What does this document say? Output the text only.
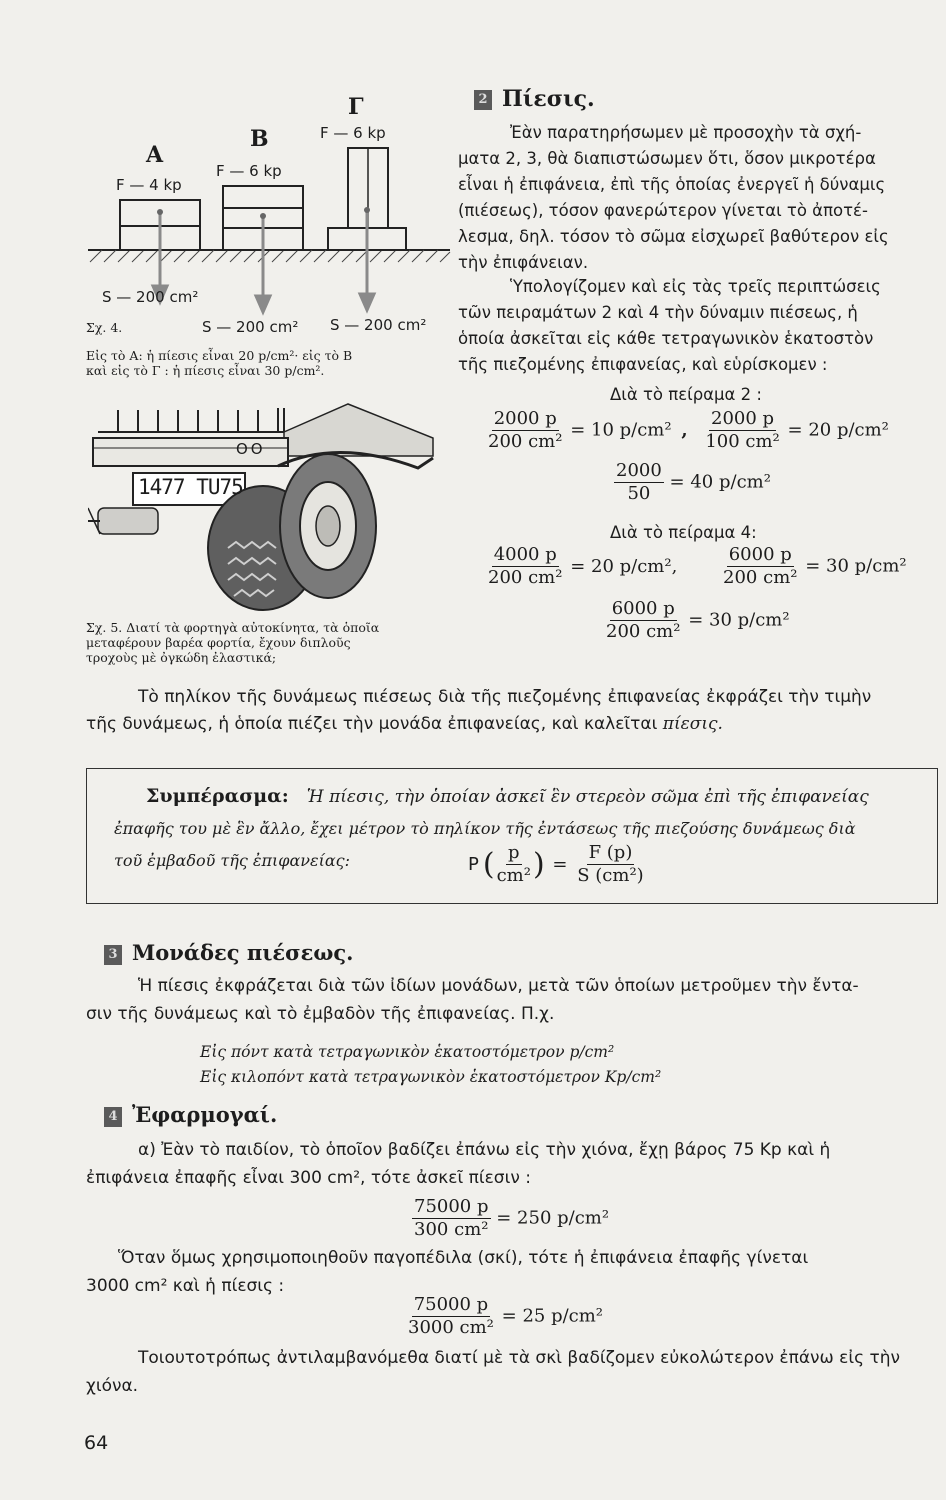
Γ
A
B
F — 4 kp
F — 6 kp
F — 6 kp
S — 200 cm²
S — 200 cm² S — 200 cm²
Σχ. 4.
Εἰς τὸ Α: ἡ πίεσις εἶναι 20 p/cm²· εἰς τὸ Β
καὶ εἰς τὸ Γ : ἡ πίεσις εἶναι 30 p/cm².
OO
1477 TU75
Σχ. 5. Διατί τὰ φορτηγὰ αὐτοκίνητα, τὰ ὁποῖα
μεταφέρουν βαρέα φορτία, ἔχουν διπλοῦς
τροχοὺς μὲ ὀγκώδη ἐλαστικά;
2 Πίεσις.
Ἐὰν παρατηρήσωμεν μὲ προσοχὴν τὰ σχή-
ματα 2, 3, θὰ διαπιστώσωμεν ὅτι, ὅσον μικροτέρα
εἶναι ἡ ἐπιφάνεια, ἐπὶ τῆς ὁποίας ἐνεργεῖ ἡ δύναμις
(πιέσεως), τόσον φανερώτερον γίνεται τὸ ἀποτέ-
λεσμα, δηλ. τόσον τὸ σῶμα εἰσχωρεῖ βαθύτερον εἰς
τὴν ἐπιφάνειαν.
Ὑπολογίζομεν καὶ εἰς τὰς τρεῖς περιπτώσεις
τῶν πειραμάτων 2 καὶ 4 τὴν δύναμιν πιέσεως, ἡ
ὁποία ἀσκεῖται εἰς κάθε τετραγωνικὸν ἑκατοστὸν
τῆς πιεζομένης ἐπιφανείας, καὶ εὑρίσκομεν :
Διὰ τὸ πείραμα 2 :
$\frac{2000 p}{\text{200 cm²}} = 10$ p/cm² , $\frac{2000 p}{\text{100 cm²}} = 20$ p/cm²
$\frac{2000}{50} = 40$ p/cm²
Διὰ τὸ πείραμα 4:
$\frac{4000 p}{\text{200 cm²}} = 20$ p/cm², $\frac{6000 p}{\text{200 cm²}} = 30$ p/cm²
$\frac{6000 p}{\text{200 cm²}} = 30$ p/cm²
Τὸ πηλίκον τῆς δυνάμεως πιέσεως διὰ τῆς πιεζομένης ἐπιφανείας ἐκφράζει τὴν τιμὴν
τῆς δυνάμεως, ἡ ὁποία πιέζει τὴν μονάδα ἐπιφανείας, καὶ καλεῖται πίεσις.
Συμπέρασμα: Ἡ πίεσις, τὴν ὁποίαν ἀσκεῖ ἓν στερεὸν σῶμα ἐπὶ τῆς ἐπιφανείας
ἐπαφῆς του μὲ ἓν ἄλλο, ἔχει μέτρον τὸ πηλίκον τῆς ἐντάσεως τῆς πιεζούσης δυνάμεως διὰ
τοῦ ἐμβαδοῦ τῆς ἐπιφανείας:	P ( $\frac{p}{\text{cm²}}$ ) = $\frac{F (p)}{\text{S (cm²)}}$
3 Μονάδες πιέσεως.
Ἡ πίεσις ἐκφράζεται διὰ τῶν ἰδίων μονάδων, μετὰ τῶν ὁποίων μετροῦμεν τὴν ἔντα-
σιν τῆς δυνάμεως καὶ τὸ ἐμβαδὸν τῆς ἐπιφανείας. Π.χ.
Εἰς πόντ κατὰ τετραγωνικὸν ἑκατοστόμετρον p/cm²
Εἰς κιλοπόντ κατὰ τετραγωνικὸν ἑκατοστόμετρον Kp/cm²
4 Ἐφαρμογαί.
α) Ἐὰν τὸ παιδίον, τὸ ὁποῖον βαδίζει ἐπάνω εἰς τὴν χιόνα, ἔχῃ βάρος 75 Kp καὶ ἡ
ἐπιφάνεια ἐπαφῆς εἶναι 300 cm², τότε ἀσκεῖ πίεσιν :
$\frac{75000 p}{\text{300 cm²}} = 250$ p/cm²
Ὅταν ὅμως χρησιμοποιηθοῦν παγοπέδιλα (σκί), τότε ἡ ἐπιφάνεια ἐπαφῆς γίνεται
3000 cm² καὶ ἡ πίεσις :
$\frac{75000 p}{\text{3000 cm²}} = 25$ p/cm²
Τοιουτοτρόπως ἀντιλαμβανόμεθα διατί μὲ τὰ σκὶ βαδίζομεν εὐκολώτερον ἐπάνω εἰς τὴν
χιόνα.
64
